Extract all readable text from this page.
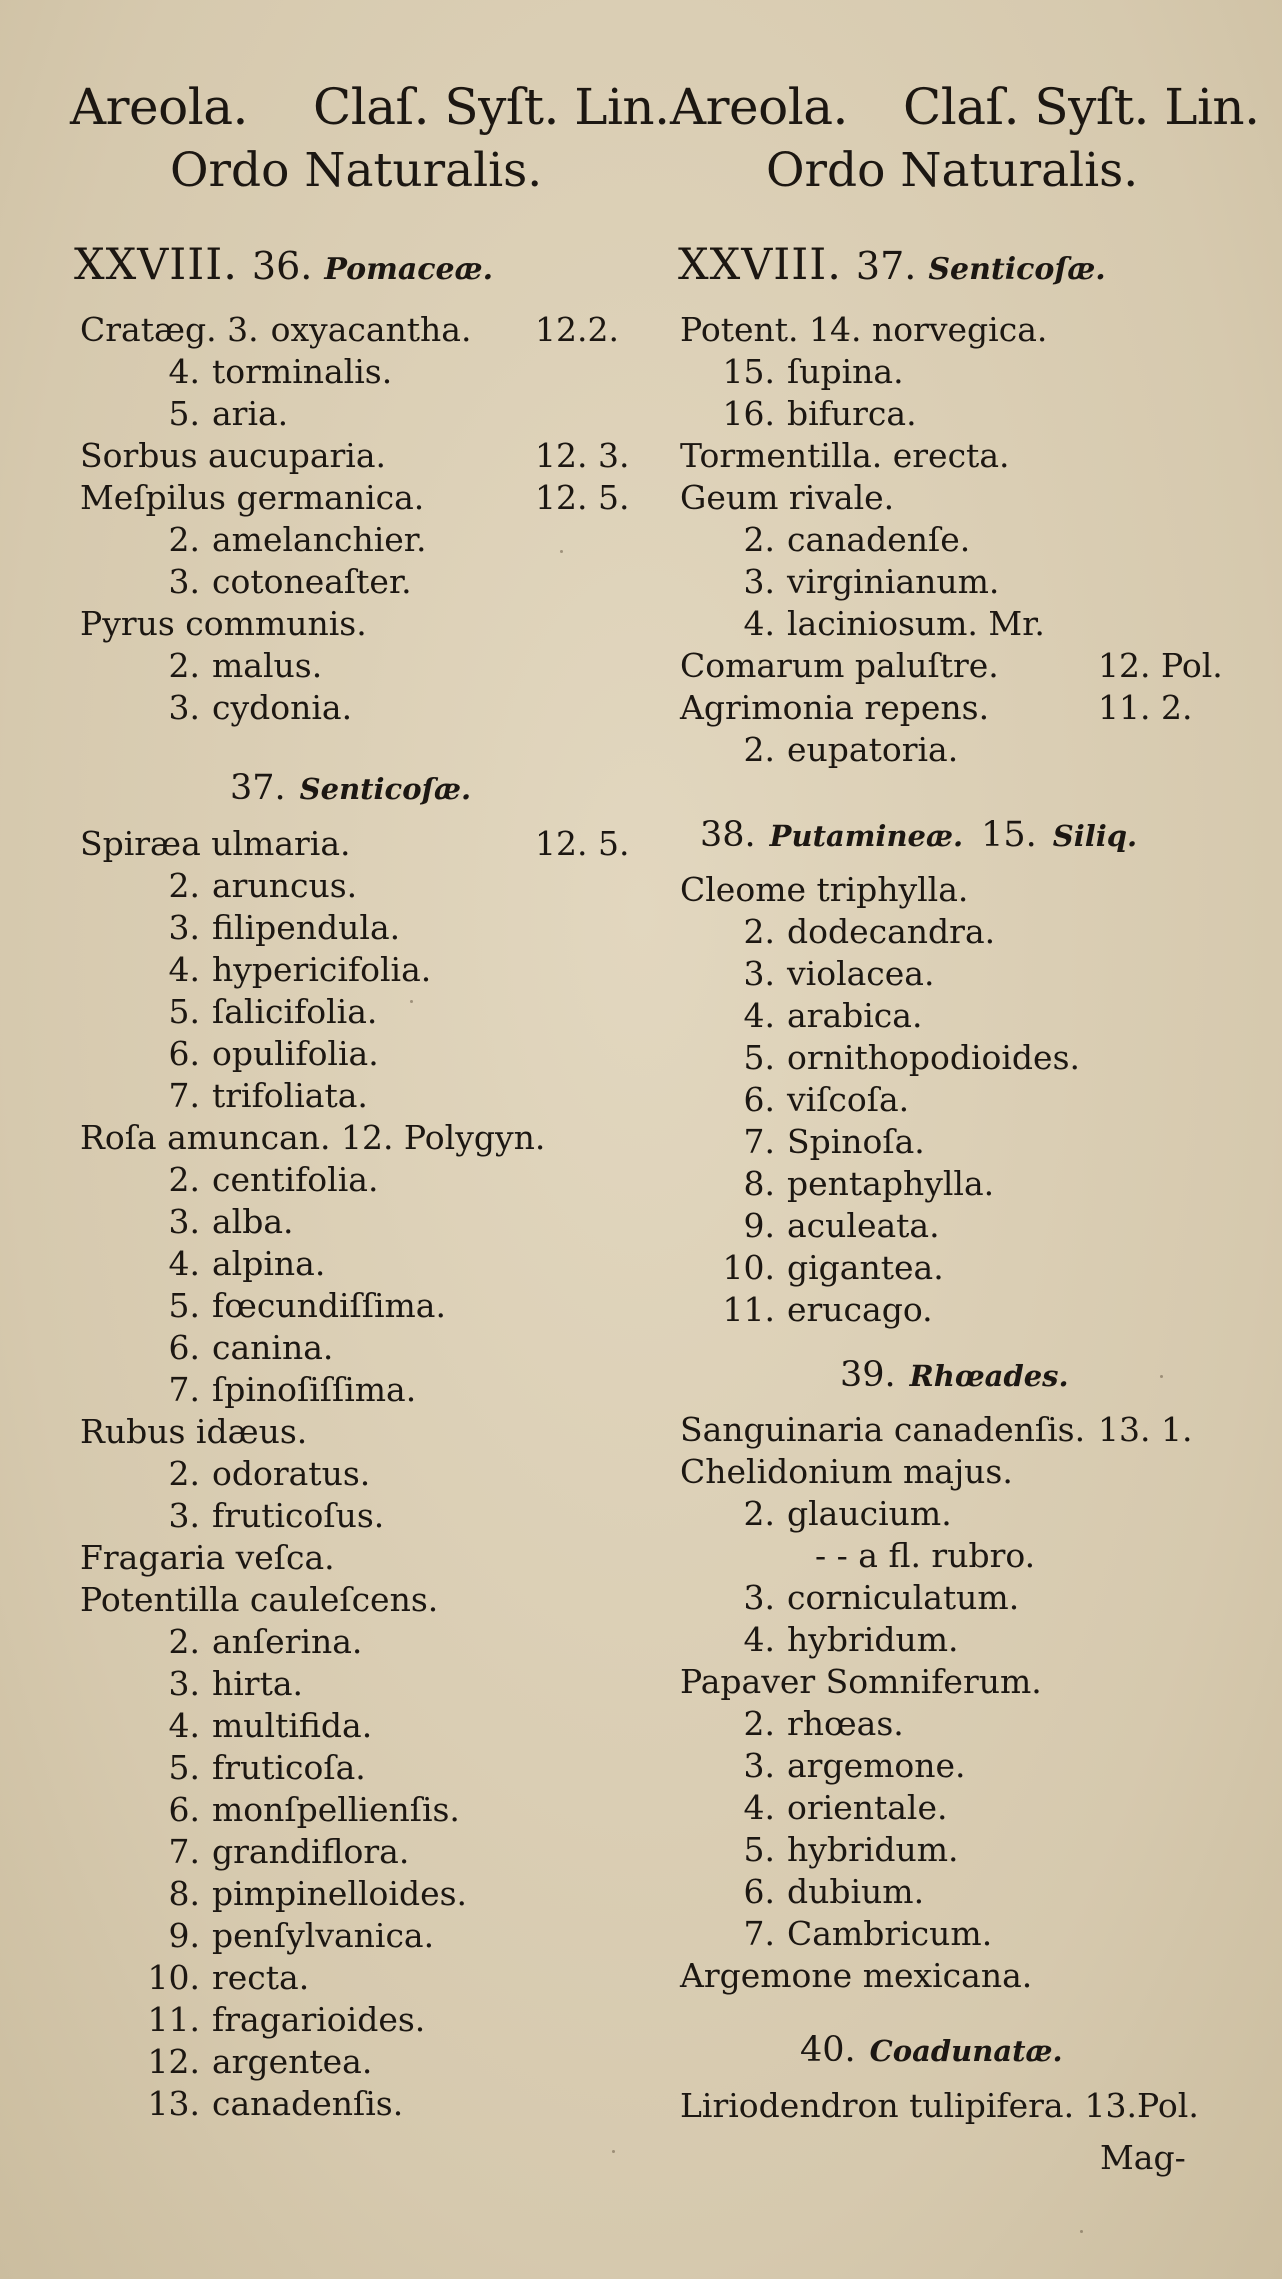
Areola. Claſ. Syſt. Lin.
Ordo Naturalis.
XXVIII. 36. Pomaceæ.
Cratæg. 3. oxyacantha. 12.2.
4. torminalis.
5. aria.
Sorbus aucuparia.	12. 3.
Meſpilus germanica.	12. 5.
2. amelanchier.
3. cotoneaſter.
Pyrus communis.
2. malus.
3. cydonia.
37. Senticoſæ.
Spiræa ulmaria.	12. 5.
2. aruncus.
3. filipendula.
4. hypericifolia.
5. ſalicifolia.
6. opulifolia.
7. trifoliata.
Roſa amuncan. 12. Polygyn.
2. centifolia.
3. alba.
4. alpina.
5. fœcundiſſima.
6. canina.
7. ſpinoſiſſima.
Rubus idæus.
2. odoratus.
3. fruticoſus.
Fragaria veſca.
Potentilla cauleſcens.
2. anſerina.
3. hirta.
4. multifida.
5. fruticoſa.
6. monſpellienſis.
7. grandiflora.
8. pimpinelloides.
9. penſylvanica.
10. recta.
11. fragarioides.
12. argentea.
13. canadenſis.
Areola. Claſ. Syſt. Lin.
Ordo Naturalis.
XXVIII. 37. Senticoſæ.
Potent. 14. norvegica.
15. ſupina.
16. bifurca.
Tormentilla. erecta.
Geum rivale.
2. canadenſe.
3. virginianum.
4. laciniosum. Mr.
Comarum paluſtre.	12. Pol.
Agrimonia repens.	11. 2.
2. eupatoria.
38. Putamineæ. 15. Siliq.
Cleome triphylla.
2. dodecandra.
3. violacea.
4. arabica.
5. ornithopodioides.
6. viſcoſa.
7. Spinoſa.
8. pentaphylla.
9. aculeata.
10. gigantea.
11. erucago.
39. Rhœades.
Sanguinaria canadenſis. 13. 1.
Chelidonium majus.
2. glaucium.
- - a fl. rubro.
3. corniculatum.
4. hybridum.
Papaver Somniferum.
2. rhœas.
3. argemone.
4. orientale.
5. hybridum.
6. dubium.
7. Cambricum.
Argemone mexicana.
40. Coadunatæ.
Liriodendron tulipifera. 13.Pol.
Mag-
